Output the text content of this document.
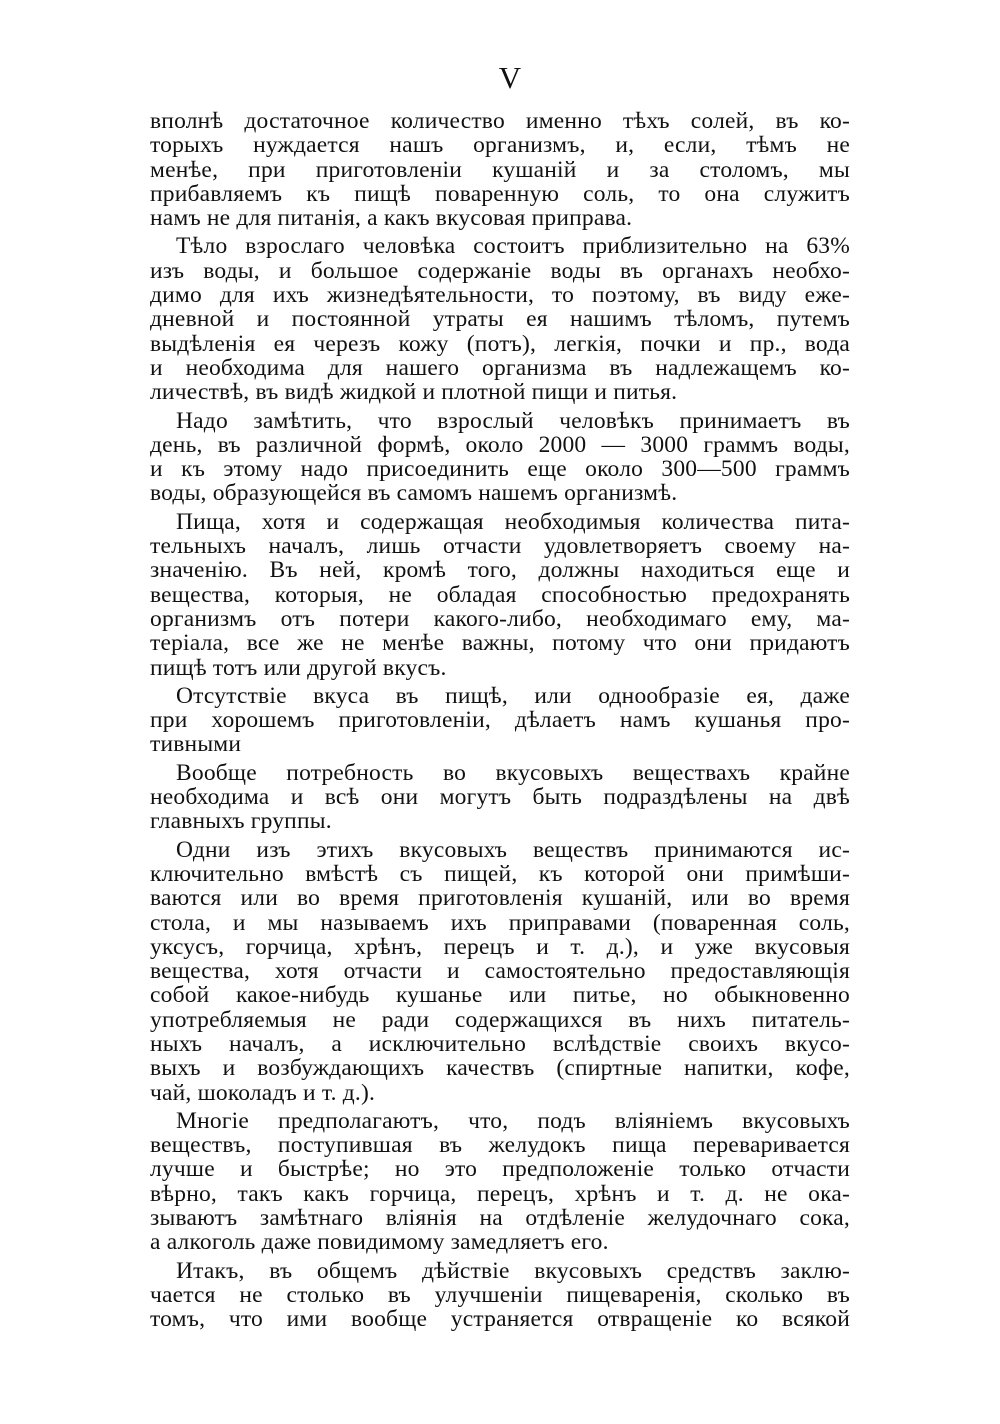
V
вполнѣ достаточное количество именно тѣхъ солей, въ ко-
торыхъ нуждается нашъ организмъ, и, если, тѣмъ не
менѣе, при приготовленіи кушаній и за столомъ, мы
прибавляемъ къ пищѣ поваренную соль, то она служитъ
намъ не для питанія, а какъ вкусовая приправа.
Тѣло взрослаго человѣка состоитъ приблизительно на 63%
изъ воды, и большое содержаніе воды въ органахъ необхо-
димо для ихъ жизнедѣятельности, то поэтому, въ виду еже-
дневной и постоянной утраты ея нашимъ тѣломъ, путемъ
выдѣленія ея черезъ кожу (потъ), легкія, почки и пр., вода
и необходима для нашего организма въ надлежащемъ ко-
личествѣ, въ видѣ жидкой и плотной пищи и питья.
Надо замѣтить, что взрослый человѣкъ принимаетъ въ
день, въ различной формѣ, около 2000 — 3000 граммъ воды,
и къ этому надо присоединить еще около 300—500 граммъ
воды, образующейся въ самомъ нашемъ организмѣ.
Пища, хотя и содержащая необходимыя количества пита-
тельныхъ началъ, лишь отчасти удовлетворяетъ своему на-
значенію. Въ ней, кромѣ того, должны находиться еще и
вещества, которыя, не обладая способностью предохранять
организмъ отъ потери какого-либо, необходимаго ему, ма-
теріала, все же не менѣе важны, потому что они придаютъ
пищѣ тотъ или другой вкусъ.
Отсутствіе вкуса въ пищѣ, или однообразіе ея, даже
при хорошемъ приготовленіи, дѣлаетъ намъ кушанья про-
тивными
Вообще потребность во вкусовыхъ веществахъ крайне
необходима и всѣ они могутъ быть подраздѣлены на двѣ
главныхъ группы.
Одни изъ этихъ вкусовыхъ веществъ принимаются ис-
ключительно вмѣстѣ съ пищей, къ которой они примѣши-
ваются или во время приготовленія кушаній, или во время
стола, и мы называемъ ихъ приправами (поваренная соль,
уксусъ, горчица, хрѣнъ, перецъ и т. д.), и уже вкусовыя
вещества, хотя отчасти и самостоятельно предоставляющія
собой какое-нибудь кушанье или питье, но обыкновенно
употребляемыя не ради содержащихся въ нихъ питатель-
ныхъ началъ, а исключительно вслѣдствіе своихъ вкусо-
выхъ и возбуждающихъ качествъ (спиртные напитки, кофе,
чай, шоколадъ и т. д.).
Многіе предполагаютъ, что, подъ вліяніемъ вкусовыхъ
веществъ, поступившая въ желудокъ пища переваривается
лучше и быстрѣе; но это предположеніе только отчасти
вѣрно, такъ какъ горчица, перецъ, хрѣнъ и т. д. не ока-
зываютъ замѣтнаго вліянія на отдѣленіе желудочнаго сока,
а алкоголь даже повидимому замедляетъ его.
Итакъ, въ общемъ дѣйствіе вкусовыхъ средствъ заклю-
чается не столько въ улучшеніи пищеваренія, сколько въ
томъ, что ими вообще устраняется отвращеніе ко всякой
